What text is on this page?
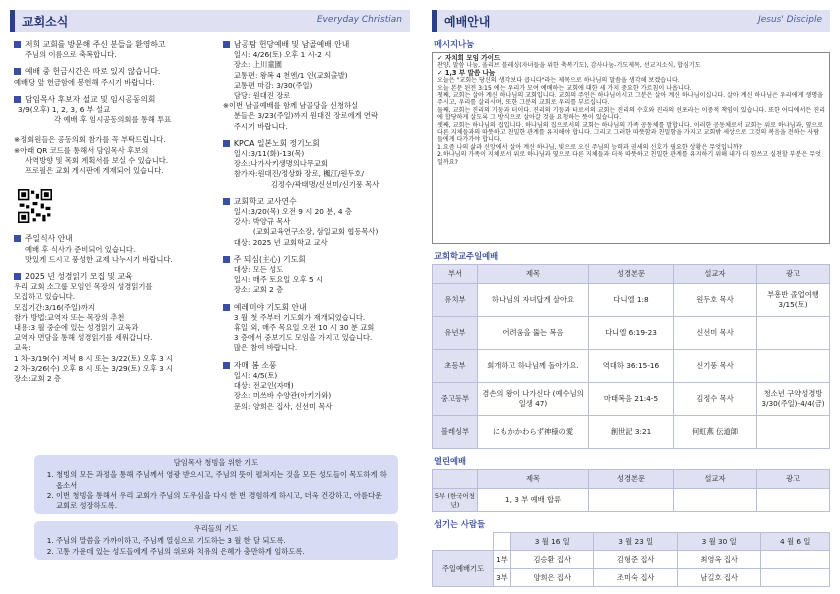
교회소식	Everyday Christian
저희 교회를 방문해 주신 분들을 환영하고
주님의 이름으로 축복합니다.
예배 중 헌금시간은 따로 있지 않습니다.
예배당 앞 헌금함에 봉헌해 주시기 바랍니다.
담임목사 후보자 설교 및 임시공동의회
3/9(오후) 1, 2, 3, 6 부 설교
각 예배 후 임시공동의회를 통해 투표
※정회원들은 공동의회 참가를 꼭 부탁드립니다.
※아래 QR 코드를 통해서 담임목사 후보의
사역방향 및 목회 계획서를 보실 수 있습니다.
프로필은 교회 게시판에 게재되어 있습니다.
주일식사 안내
예배 후 식사가 준비되어 있습니다.
맛있게 드시고 풍성한 교제 나누시기 바랍니다.
2025 년 성경읽기 모집 및 교육
우리 교회 소그룹 모임인 목장의 성경읽기를
모집하고 있습니다.
모집기간:3/16(주일)까지
참가 방법:교역자 또는 목장의 추천
내용:3 월 중순에 있는 성경읽기 교육과
교역자 면담을 통해 성경읽기를 세워갑니다.
교육:
1 차-3/19(수) 저녁 8 시 또는 3/22(토) 오후 3 시
2 차-3/26(수) 오후 8 시 또는 3/29(토) 오후 3 시
장소:교회 2 층
남공탐 헌당예배 및 남골예배 안내
일시: 4/26(토) 오후 1 시-2 시
장소: 上川童園
교통편: 왕복 4 천엔/1 인(교회출발)
교통편 마감: 3/30(주일)
담당: 원대진 장로
※이번 남골예배를 함께 남골당을 신청하실
분들은 3/23(주일)까지 원대진 장로에게 연락
주시기 바랍니다.
KPCA 일본노회 정기노회
일시:3/11(화)-13(목)
장소:나가사키생명의나무교회
참가자:원대진/정상화 장로, 楓江/원두호/
김정수/곽태명/신선미/신기풍 목사
교회학교 교사연수
일시:3/20(목) 오전 9 시 20 분, 4 층
강사: 박양규 목사
(교회교육연구소장, 삼일교회 협동목사)
대상: 2025 년 교회학교 교사
주 되심(主心) 기도회
대상: 모든 성도
일시: 매주 토요일 오후 5 시
장소: 교회 2 층
예레미야 기도회 안내
3 월 첫 주부터 기도회가 재개되었습니다.
휴일 외, 매주 목요일 오전 10 시 30 분 교회
3 층에서 중보기도 모임을 가지고 있습니다.
많은 참여 바랍니다.
자매 봄 소풍
일시: 4/5(토)
대상: 전교인(자매)
장소: 미쓰바 수양관(아키가와)
문의: 양희은 집사, 신선미 목사
담임목사 청빙을 위한 기도
1. 청빙의 모든 과정을 통해 주님께서 영광 받으시고, 주님의 뜻이 펼쳐지는 것을 모든 성도들이 목도하게 하옵소서
2. 이번 청빙을 통해서 우리 교회가 주님의 도우심을 다시 한 번 경험하게 하시고, 더욱 건강하고, 아름다운 교회로 성장하도록.
우리들의 기도
1. 주님의 말씀을 가까이하고, 주님께 열심으로 기도하는 3 월 한 달 되도록.
2. 고통 가운데 있는 성도들에게 주님의 위로와 치유의 은혜가 충만하게 임하도록.
예배안내	Jesus' Disciple
메시지나눔
✓ 자치회 모임 가이드
찬양, 말씀 나눔, 올리브 블레싱(자녀들을 위한 축복기도), 감사나눔-기도제목, 선교지소식, 합심기도
✓ 1,3 부 말씀 나눔
오늘은 "교회는 당신의 생각보다 큽니다"라는 제목으로 하나님의 말씀을 생각해 보겠습니다.
오늘 본문 된전 3:15 에는 우리가 모여 예배하는 교회에 대한 세 가지 중요한 가르침이 나옵니다.
첫째, 교회는 살아 계신 하나님의 교회입니다. 교회의 주인은 하나님이시고 그분은 살아 계신 하나님이십니다. 살아 계신 하나님은 우리에게 생명을 주시고, 우리를 살리시며, 또한 그분의 교회로 우리를 부르십니다.
둘째, 교회는 진리의 기둥과 터이다. 진리의 기둥과 터로서의 교회는 진리의 수호와 진리의 선포라는 이중적 책임이 있습니다. 또한 어디에서든 진리에 합당하게 살도록 그 방식으로 살아갈 것을 요청하는 뜻이 있습니다.
셋째, 교회는 하나님의 집입니다. 하나님의 집으로서의 교회는 하나님의 가족 공동체를 말합니다. 이러한 공동체로서 교회는 위로 하나님과, 옆으로 다른 지체들과의 따뜻하고 친밀한 관계를 유지해야 합니다. 그리고 그러한 따뜻함과 친밀함을 가지고 교회밖 세상으로 그것의 복음을 전하는 사람들에게 다가가야 합니다.
1.요즘 나의 삶과 신앙에서 살아 계신 하나님, 빛으로 오신 주님의 능력과 권세의 신호가 필요한 상황은 무엇입니까?
2.하나님의 가족이 지체로서 위로 하나님과 옆으로 다른 지체들과 더욱 따뜻하고 친밀한 관계를 유지하기 위해 내가 더 힘쓰고 실천할 부분은 무엇일까요?
교회학교주일예배
부서	제목	성경본문	설교자	광고
유치부	하나님의 자녀답게 살아요	다니엘 1:8	원두호 목사	부흥반 졸업여행 3/15(토)
유년부	어려움을 뚫는 복음	다니엘 6:19-23	신선미 목사	
초등부	회개하고 하나님께 돌아가요.	역대하 36:15-16	신기풍 목사	
중고등부	겸손의 왕이 나가신다 (예수님의 일생 47)	마태복음 21:4-5	김정수 목사	청소년 구약성경방 3/30(주일)-4/4(금)
블레싱부	にもかかわらず神様の愛	創世記 3:21	何虹燕 伝道師	
열린예배
	제목	성경본문	설교자	광고
5부 (한국어청년)	1, 3 부 예배 합류			
섬기는 사람들
		3 월 16 일	3 월 23 일	3 월 30 일	4 월 6 일
주일예배기도	1부	김승환 집사	김형준 집사	최영옥 집사	
	3부	양희은 집사	조미숙 집사	남길호 집사	
